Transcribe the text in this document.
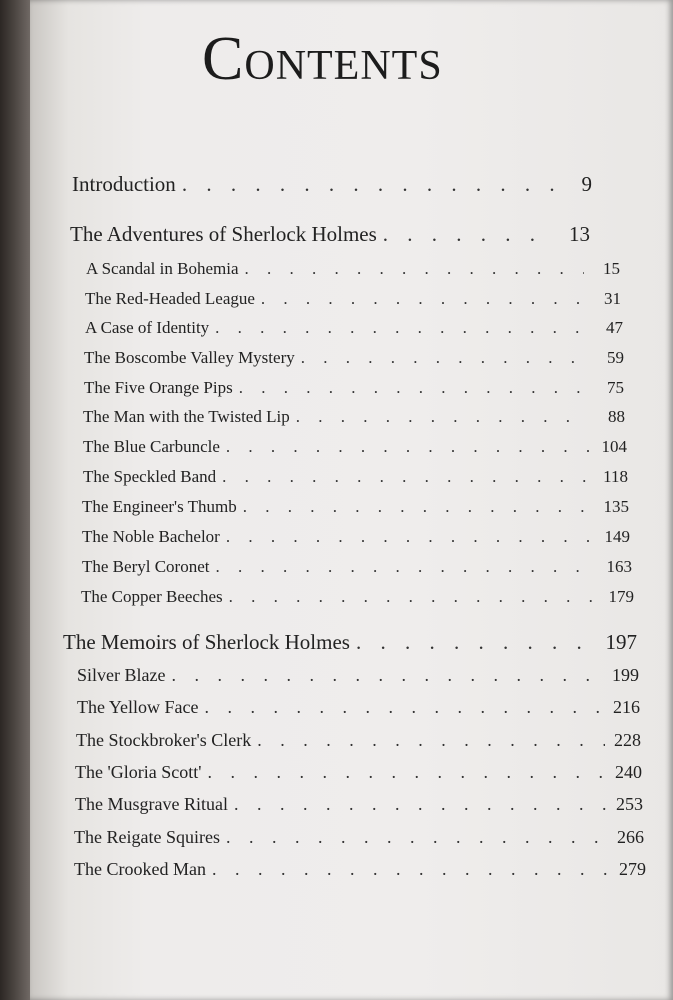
CONTENTS
Introduction . . .	9
The Adventures of Sherlock Holmes . . .	13
A Scandal in Bohemia . . .	15
The Red-Headed League . . .	31
A Case of Identity . . .	47
The Boscombe Valley Mystery . . .	59
The Five Orange Pips . . .	75
The Man with the Twisted Lip . . .	88
The Blue Carbuncle . . .	104
The Speckled Band . . .	118
The Engineer's Thumb . . .	135
The Noble Bachelor . . .	149
The Beryl Coronet . . .	163
The Copper Beeches . . .	179
The Memoirs of Sherlock Holmes . . .	197
Silver Blaze . . .	199
The Yellow Face . . .	216
The Stockbroker's Clerk . . .	228
The 'Gloria Scott' . . .	240
The Musgrave Ritual . . .	253
The Reigate Squires . . .	266
The Crooked Man . . .	279
